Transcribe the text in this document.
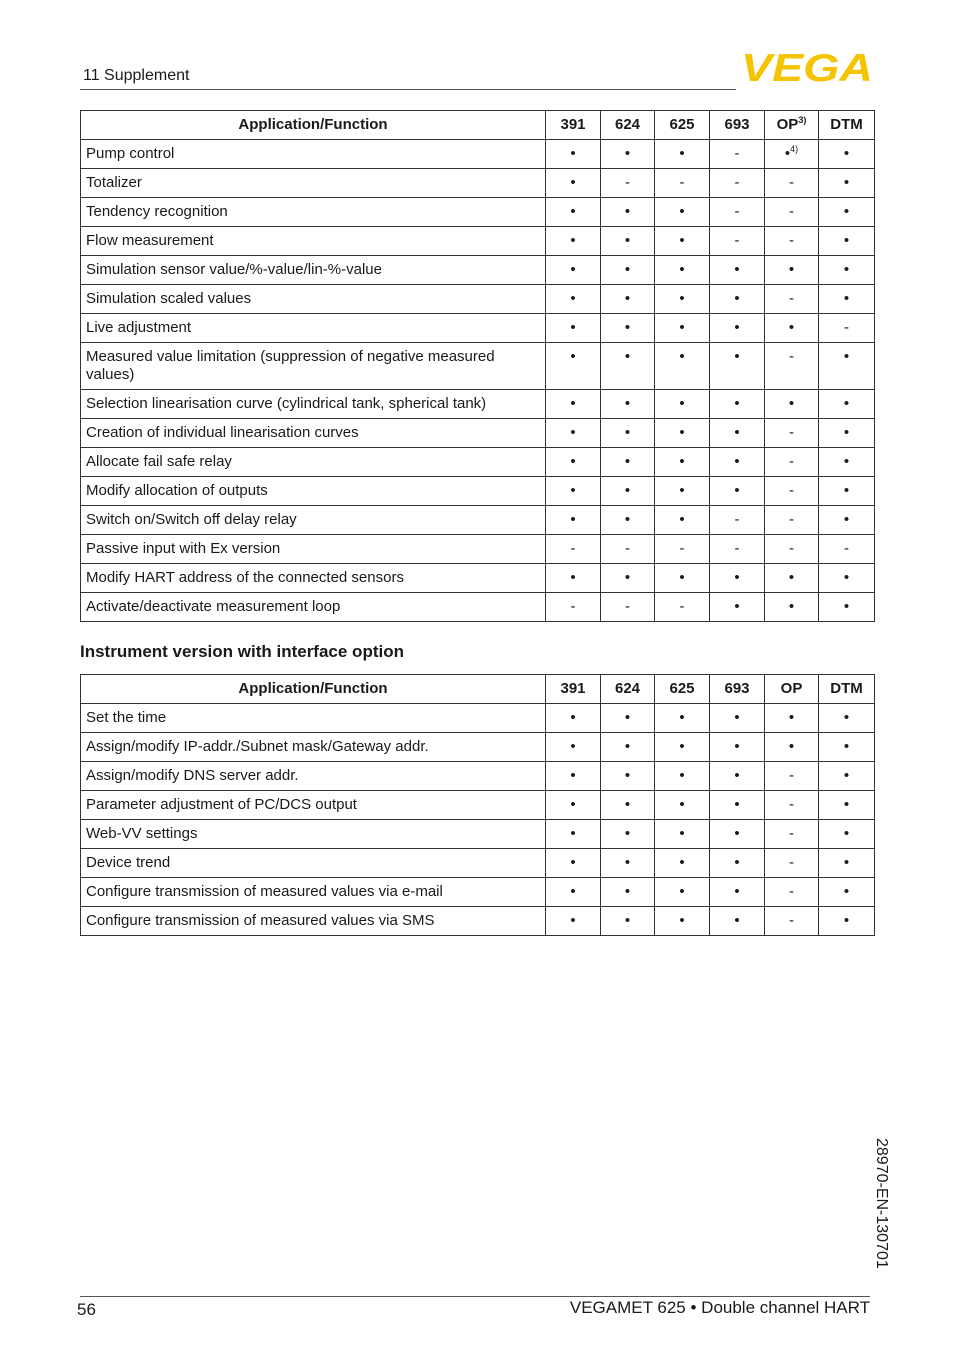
11 Supplement	VEGA
Application/Function	391	624	625	693	OP$^{3)}$	DTM
Pump control	•	•	•	-	•$^{4)}$	•
Totalizer	•	-	-	-	-	•
Tendency recognition	•	•	•	-	-	•
Flow measurement	•	•	•	-	-	•
Simulation sensor value/%-value/lin-%-value	•	•	•	•	•	•
Simulation scaled values	•	•	•	•	-	•
Live adjustment	•	•	•	•	•	-
Measured value limitation (suppression of negative measured values)	•	•	•	•	-	•
Selection linearisation curve (cylindrical tank, spherical tank)	•	•	•	•	•	•
Creation of individual linearisation curves	•	•	•	•	-	•
Allocate fail safe relay	•	•	•	•	-	•
Modify allocation of outputs	•	•	•	•	-	•
Switch on/Switch off delay relay	•	•	•	-	-	•
Passive input with Ex version	-	-	-	-	-	-
Modify HART address of the connected sensors	•	•	•	•	•	•
Activate/deactivate measurement loop	-	-	-	•	•	•
Instrument version with interface option
Application/Function	391	624	625	693	OP	DTM
Set the time	•	•	•	•	•	•
Assign/modify IP-addr./Subnet mask/Gateway addr.	•	•	•	•	•	•
Assign/modify DNS server addr.	•	•	•	•	-	•
Parameter adjustment of PC/DCS output	•	•	•	•	-	•
Web-VV settings	•	•	•	•	-	•
Device trend	•	•	•	•	-	•
Configure transmission of measured values via e-mail	•	•	•	•	-	•
Configure transmission of measured values via SMS	•	•	•	•	-	•
56	VEGAMET 625 • Double channel HART
28970-EN-130701
